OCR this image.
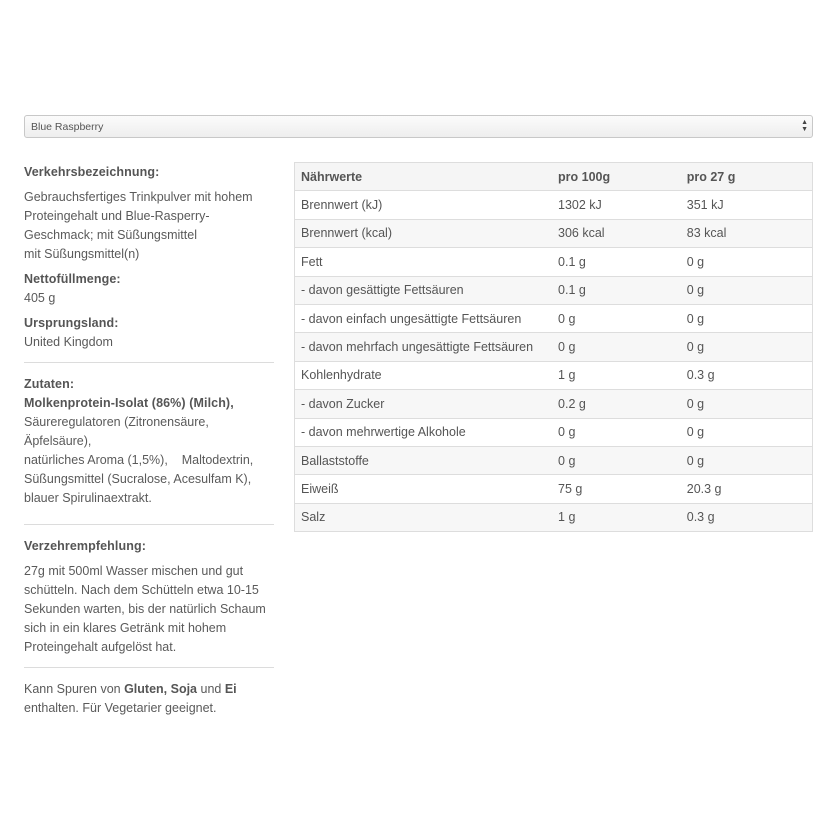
Blue Raspberry	▲
▼
Verkehrsbezeichnung:
Gebrauchsfertiges Trinkpulver mit hohem
Proteingehalt und Blue-Rasperry-
Geschmack; mit Süßungsmittel
mit Süßungsmittel(n)
Nettofüllmenge:
405 g
Ursprungsland:
United Kingdom
Zutaten:
Molkenprotein-Isolat (86%) (Milch),
Säureregulatoren (Zitronensäure,
Äpfelsäure),
natürliches Aroma (1,5%),    Maltodextrin,
Süßungsmittel (Sucralose, Acesulfam K),
blauer Spirulinaextrakt.
Verzehrempfehlung:
27g mit 500ml Wasser mischen und gut
schütteln. Nach dem Schütteln etwa 10-15
Sekunden warten, bis der natürlich Schaum
sich in ein klares Getränk mit hohem
Proteingehalt aufgelöst hat.
Kann Spuren von Gluten, Soja und Ei
enthalten. Für Vegetarier geeignet.
Nährwerte	pro 100g	pro 27 g
Brennwert (kJ)	1302 kJ	351 kJ
Brennwert (kcal)	306 kcal	83 kcal
Fett	0.1 g	0 g
- davon gesättigte Fettsäuren	0.1 g	0 g
- davon einfach ungesättigte Fettsäuren	0 g	0 g
- davon mehrfach ungesättigte Fettsäuren	0 g	0 g
Kohlenhydrate	1 g	0.3 g
- davon Zucker	0.2 g	0 g
- davon mehrwertige Alkohole	0 g	0 g
Ballaststoffe	0 g	0 g
Eiweiß	75 g	20.3 g
Salz	1 g	0.3 g
